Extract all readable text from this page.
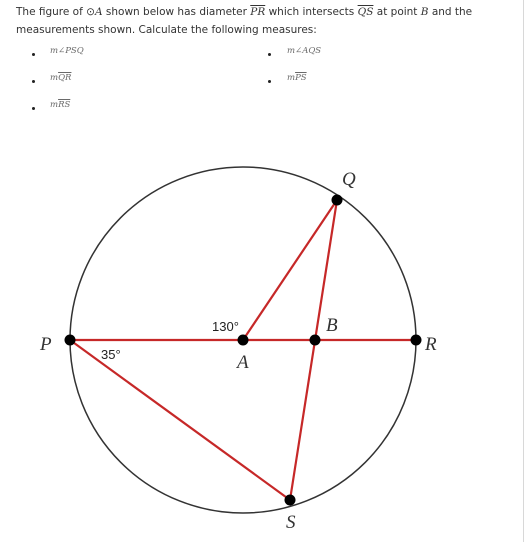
The figure of ⊙A shown below has diameter $\overline{PR}$ which intersects $\overline{QS}$ at point B and the measurements shown. Calculate the following measures:
m∠PSQ	m∠AQS
$m\overline{QR}$	$m\overline{PS}$
$m\overline{RS}$
P	R
Q
S
A
B
130°
35°
